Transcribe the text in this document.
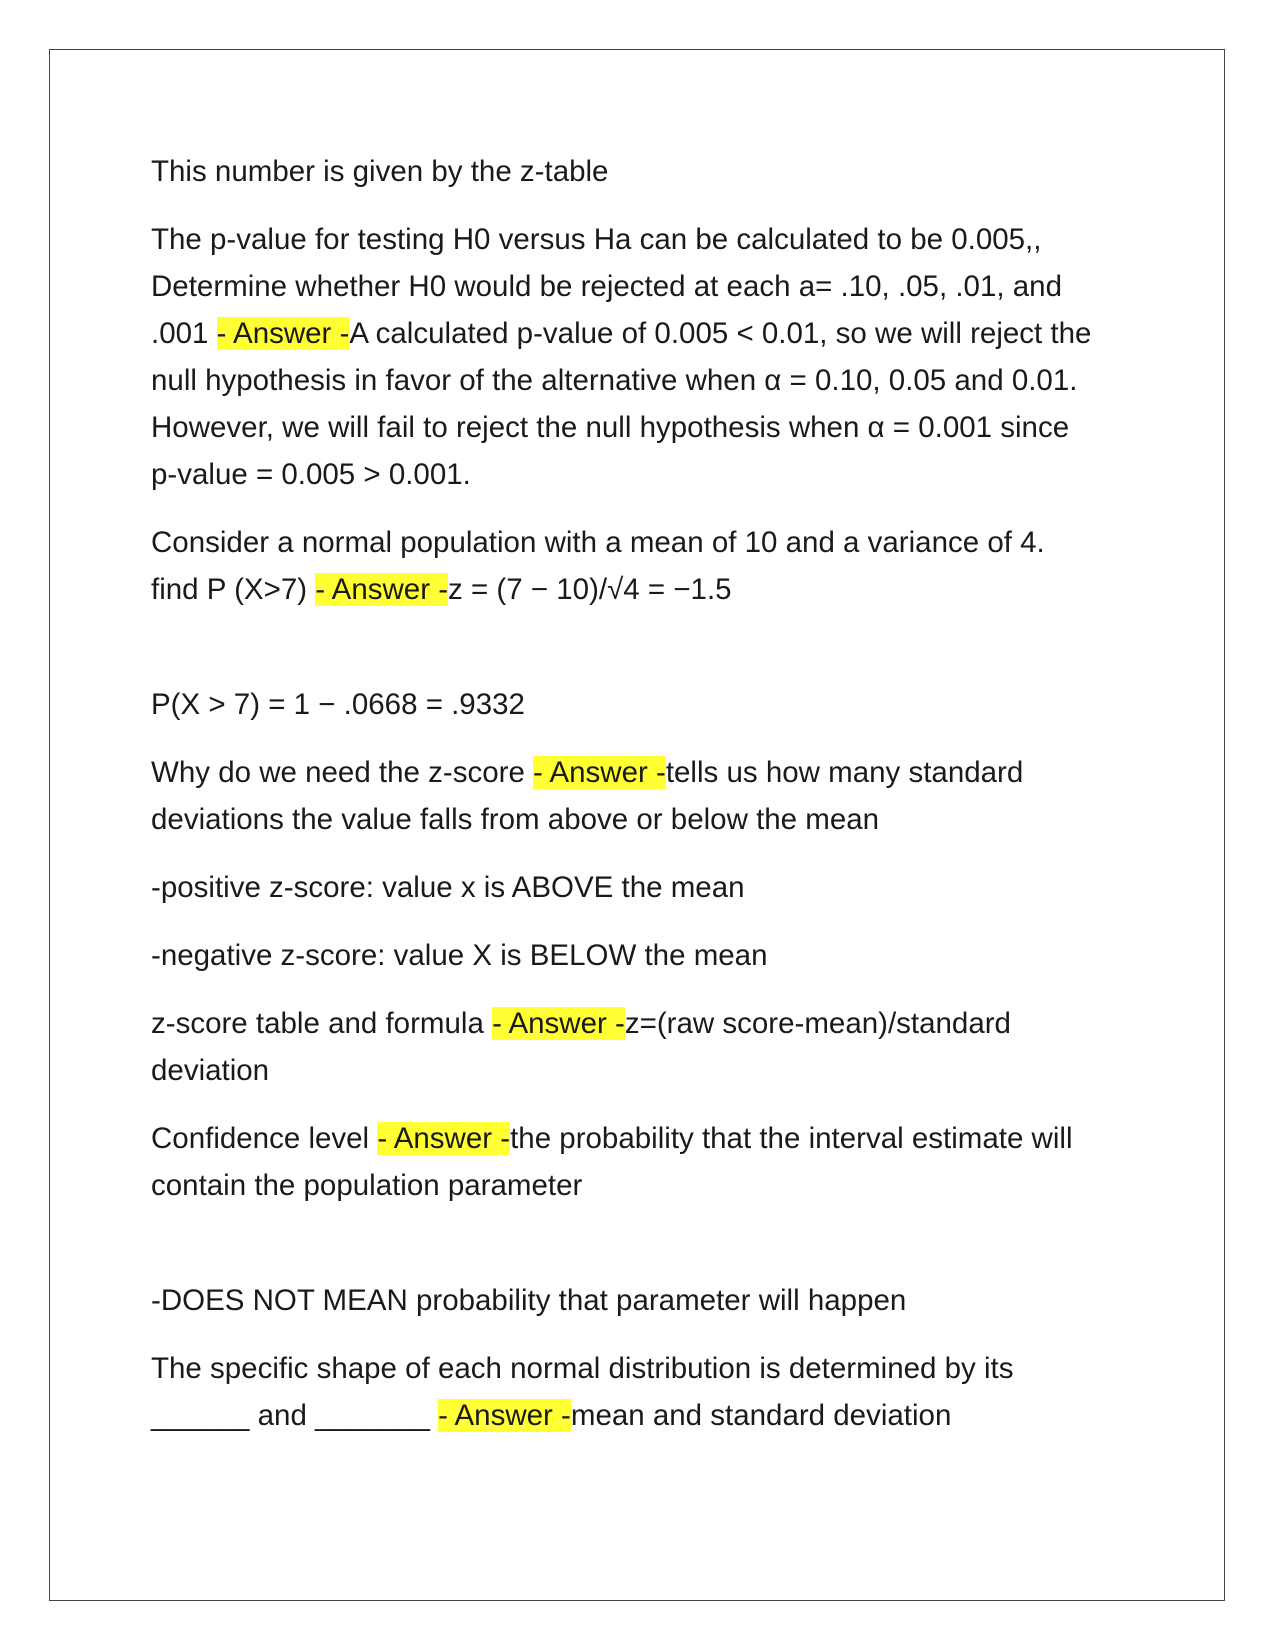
This number is given by the z-table

The p-value for testing H0 versus Ha can be calculated to be 0.005,,
Determine whether H0 would be rejected at each a= .10, .05, .01, and
.001 - Answer -A calculated p-value of 0.005 < 0.01, so we will reject the
null hypothesis in favor of the alternative when α = 0.10, 0.05 and 0.01.
However, we will fail to reject the null hypothesis when α = 0.001 since
p-value = 0.005 > 0.001.

Consider a normal population with a mean of 10 and a variance of 4.
find P (X>7) - Answer -z = (7 − 10)/√4 = −1.5

P(X > 7) = 1 − .0668 = .9332

Why do we need the z-score - Answer -tells us how many standard
deviations the value falls from above or below the mean

-positive z-score: value x is ABOVE the mean

-negative z-score: value X is BELOW the mean

z-score table and formula - Answer -z=(raw score-mean)/standard
deviation

Confidence level - Answer -the probability that the interval estimate will
contain the population parameter

-DOES NOT MEAN probability that parameter will happen

The specific shape of each normal distribution is determined by its
______ and _______ - Answer -mean and standard deviation
